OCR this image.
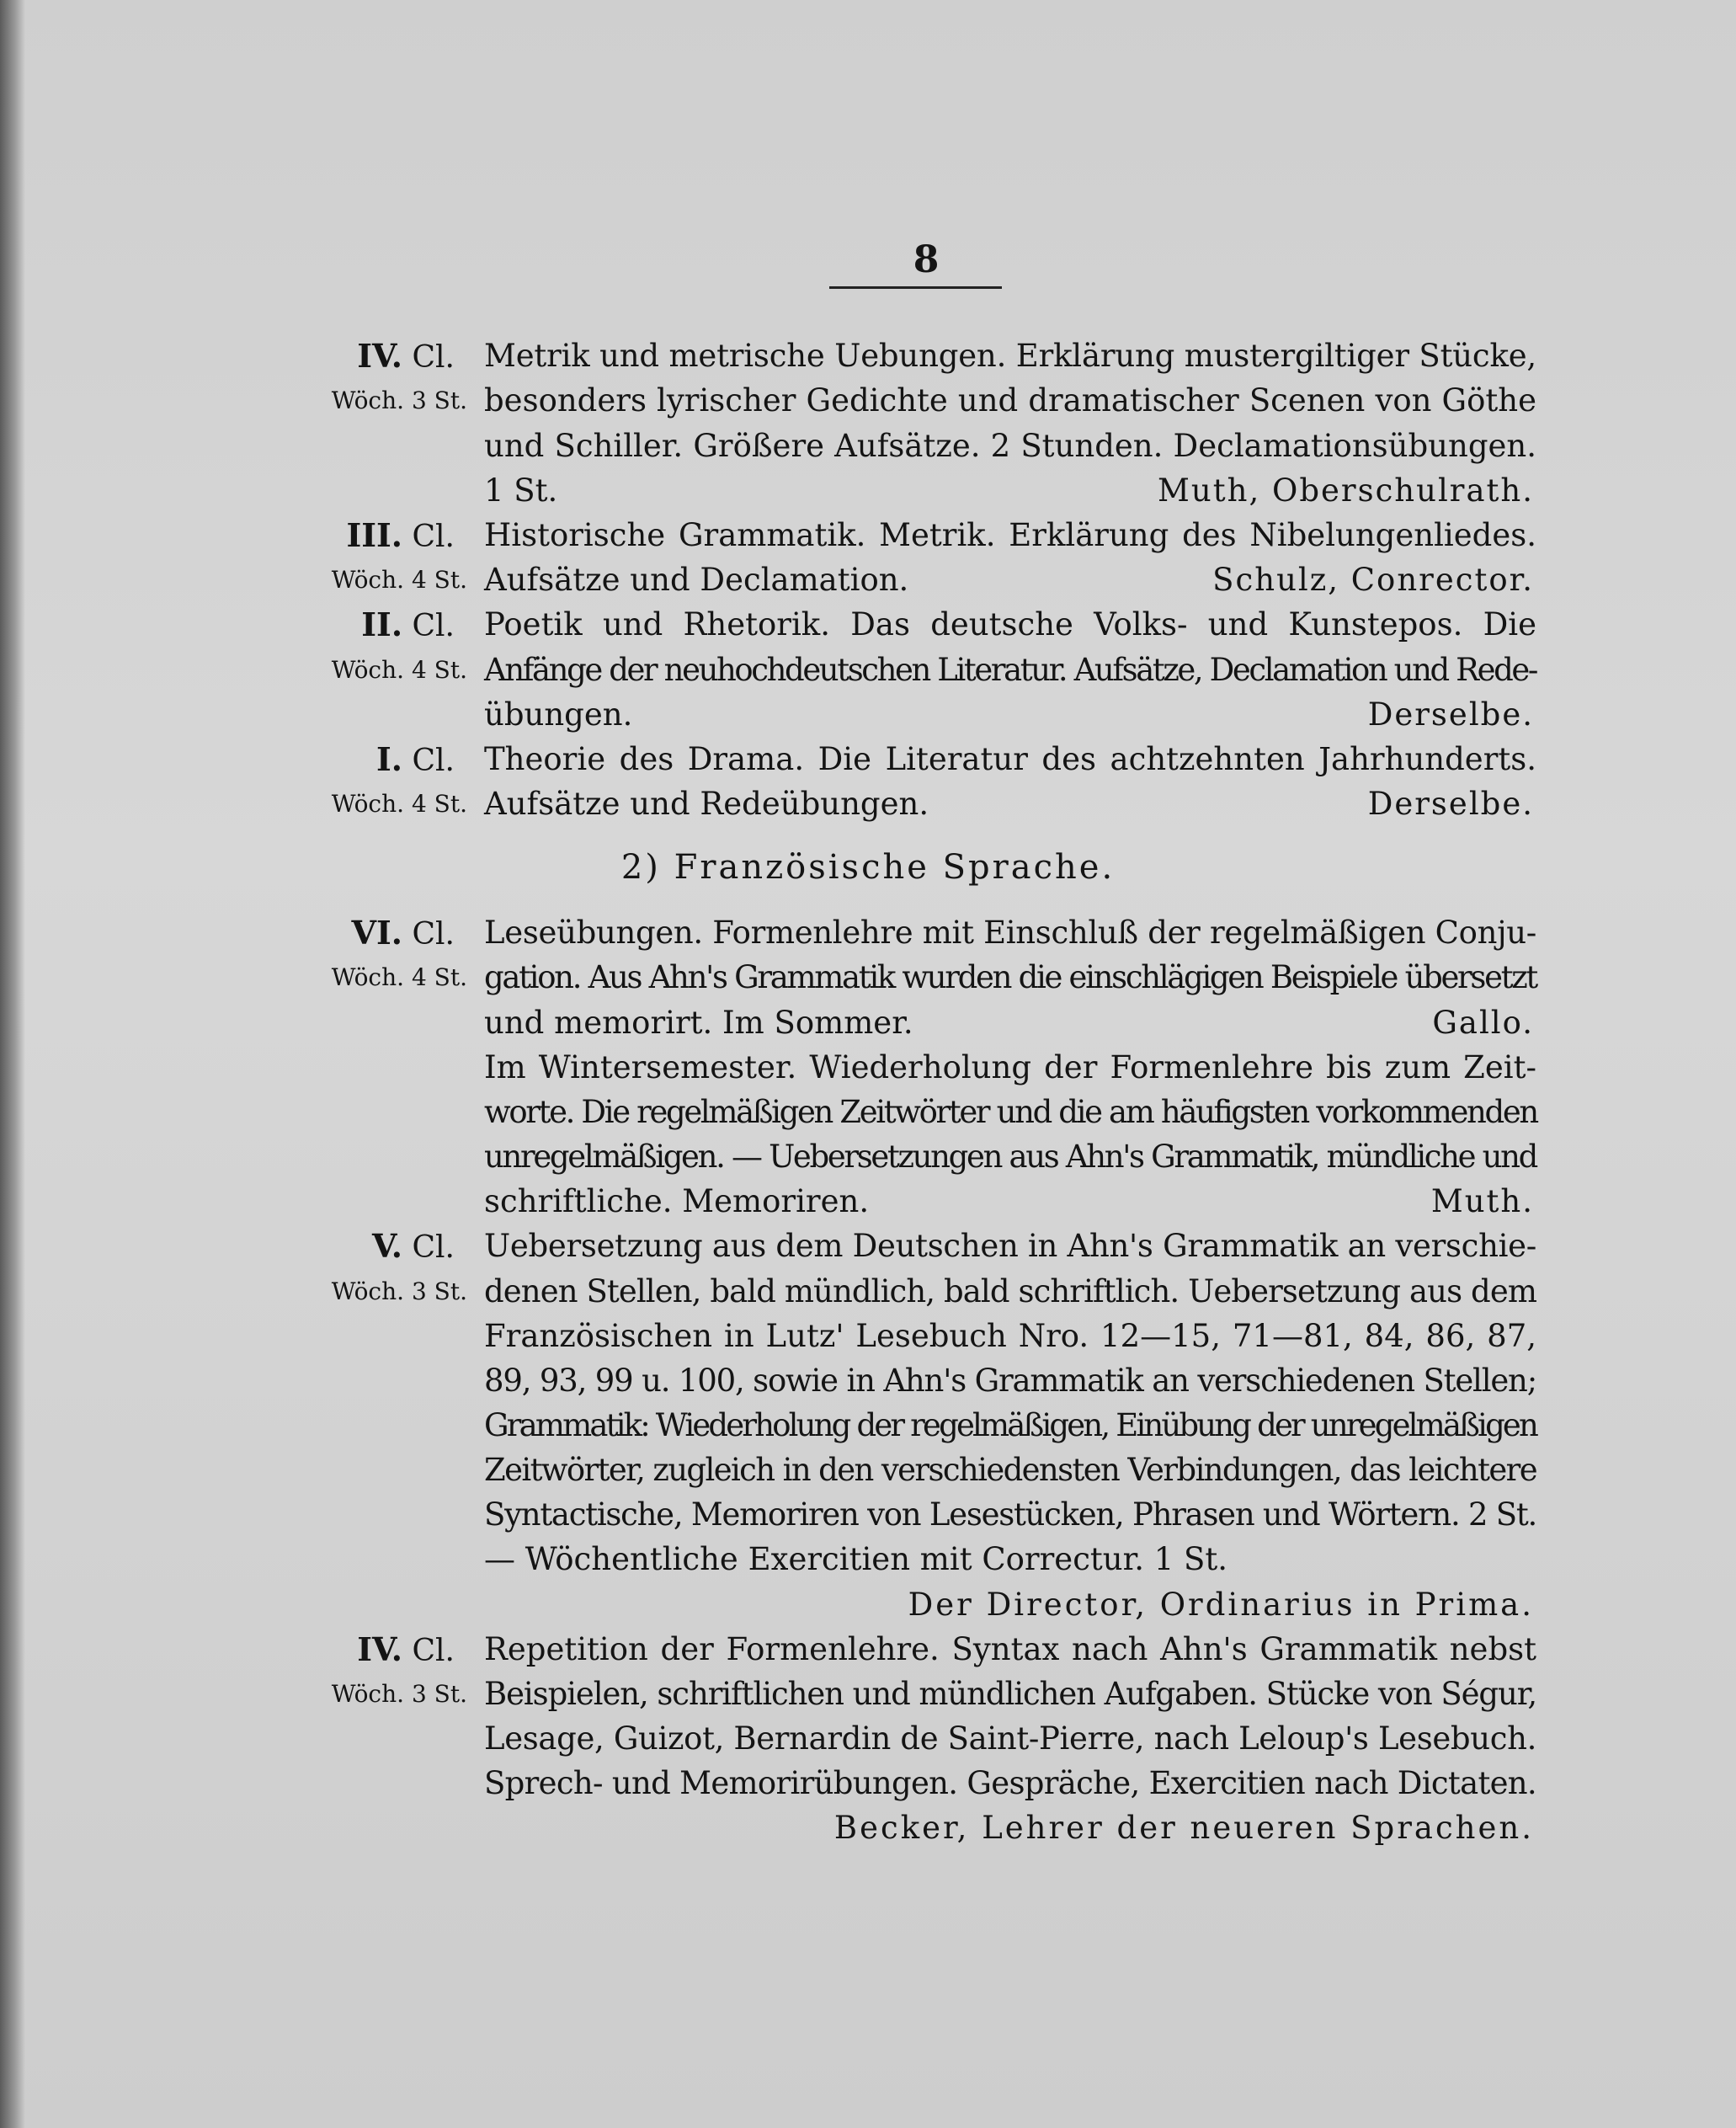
8
IV. Cl. Metrik und metrische Uebungen. Erklärung mustergiltiger Stücke,
Wöch. 3 St. besonders lyrischer Gedichte und dramatischer Scenen von Göthe
und Schiller. Größere Aufsätze. 2 Stunden. Declamationsübungen.
1 St.	Muth, Oberschulrath.
III. Cl. Historische Grammatik. Metrik. Erklärung des Nibelungenliedes.
Wöch. 4 St. Aufsätze und Declamation.	Schulz, Conrector.
II. Cl. Poetik und Rhetorik. Das deutsche Volks- und Kunstepos. Die
Wöch. 4 St. Anfänge der neuhochdeutschen Literatur. Aufsätze, Declamation und Rede-
übungen.	Derselbe.
I. Cl. Theorie des Drama. Die Literatur des achtzehnten Jahrhunderts.
Wöch. 4 St. Aufsätze und Redeübungen.	Derselbe.
VI. Cl. Leseübungen. Formenlehre mit Einschluß der regelmäßigen Conju-
Wöch. 4 St. gation. Aus Ahn's Grammatik wurden die einschlägigen Beispiele übersetzt
und memorirt. Im Sommer.	Gallo.
Im Wintersemester. Wiederholung der Formenlehre bis zum Zeit-
worte. Die regelmäßigen Zeitwörter und die am häufigsten vorkommenden
unregelmäßigen. — Uebersetzungen aus Ahn's Grammatik, mündliche und
schriftliche. Memoriren.	Muth.
V. Cl. Uebersetzung aus dem Deutschen in Ahn's Grammatik an verschie-
Wöch. 3 St. denen Stellen, bald mündlich, bald schriftlich. Uebersetzung aus dem
Französischen in Lutz' Lesebuch Nro. 12—15, 71—81, 84, 86, 87,
89, 93, 99 u. 100, sowie in Ahn's Grammatik an verschiedenen Stellen;
Grammatik: Wiederholung der regelmäßigen, Einübung der unregelmäßigen
Zeitwörter, zugleich in den verschiedensten Verbindungen, das leichtere
Syntactische, Memoriren von Lesestücken, Phrasen und Wörtern. 2 St.
— Wöchentliche Exercitien mit Correctur. 1 St.
Der Director, Ordinarius in Prima.
IV. Cl. Repetition der Formenlehre. Syntax nach Ahn's Grammatik nebst
Wöch. 3 St. Beispielen, schriftlichen und mündlichen Aufgaben. Stücke von Ségur,
Lesage, Guizot, Bernardin de Saint-Pierre, nach Leloup's Lesebuch.
Sprech- und Memorirübungen. Gespräche, Exercitien nach Dictaten.
Becker, Lehrer der neueren Sprachen.
2) Französische Sprache.
